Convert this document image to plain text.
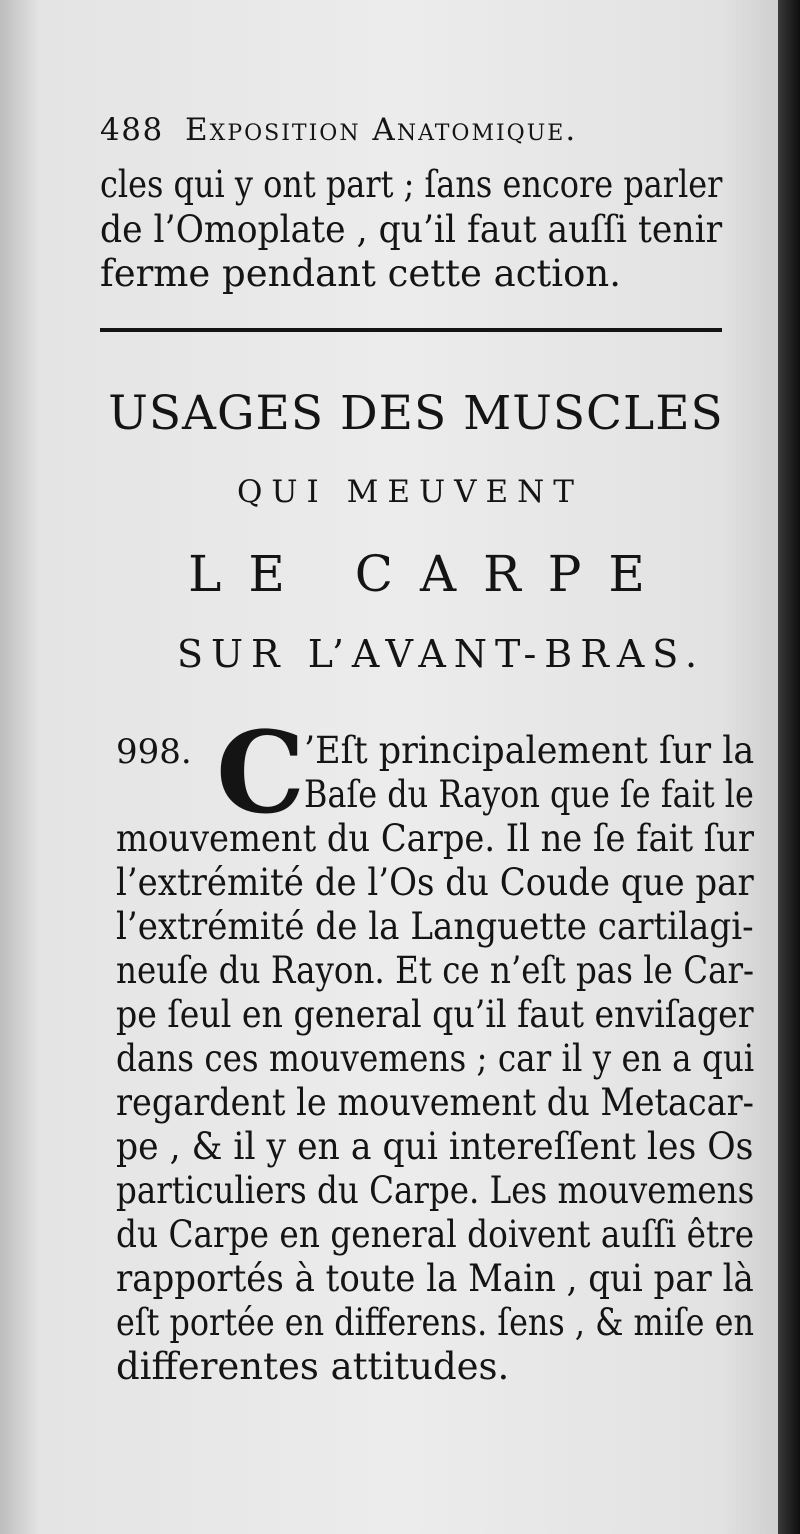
488 Exposition Anatomique.
cles qui y ont part ; ſans encore parler
de l’Omoplate , qu’il faut auſſi tenir
ferme pendant cette action.
USAGES DES MUSCLES
QUI MEUVENT
LE CARPE
SUR L’AVANT-BRAS.
998. C
’Eſt principalement ſur la
Baſe du Rayon que ſe fait le
mouvement du Carpe. Il ne ſe fait ſur
l’extrémité de l’Os du Coude que par
l’extrémité de la Languette cartilagi-
neuſe du Rayon. Et ce n’eſt pas le Car-
pe ſeul en general qu’il faut enviſager
dans ces mouvemens ; car il y en a qui
regardent le mouvement du Metacar-
pe , & il y en a qui intereſſent les Os
particuliers du Carpe. Les mouvemens
du Carpe en general doivent auſſi être
rapportés à toute la Main , qui par là
eſt portée en differens. ſens , & miſe en
differentes attitudes.
